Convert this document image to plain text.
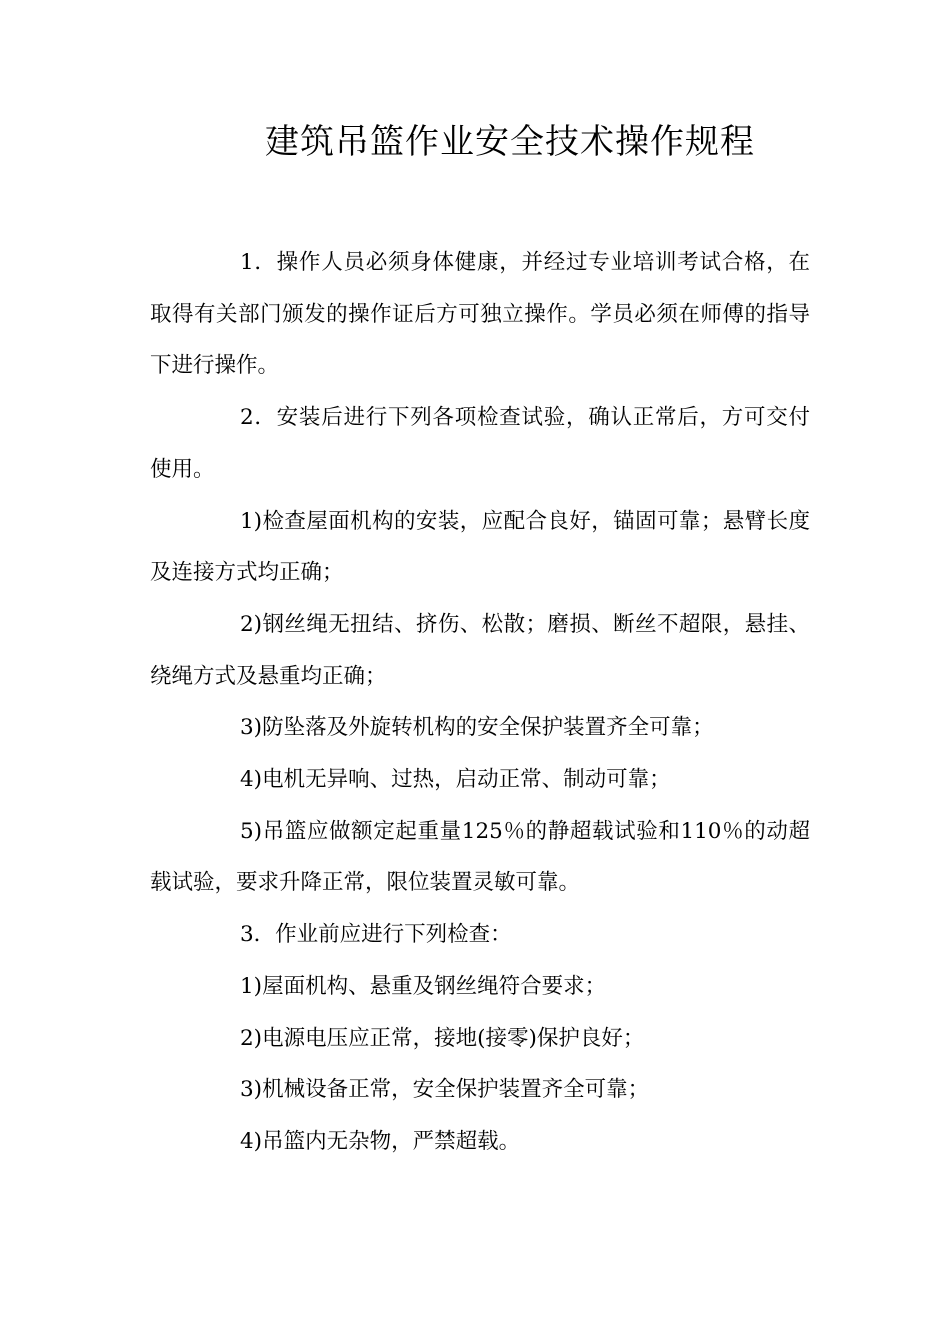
建筑吊篮作业安全技术操作规程

1．操作人员必须身体健康，并经过专业培训考试合格，在取得有关部门颁发的操作证后方可独立操作。学员必须在师傅的指导下进行操作。

2．安装后进行下列各项检查试验，确认正常后，方可交付使用。

1)检查屋面机构的安装，应配合良好，锚固可靠；悬臂长度及连接方式均正确；

2)钢丝绳无扭结、挤伤、松散；磨损、断丝不超限，悬挂、绕绳方式及悬重均正确；

3)防坠落及外旋转机构的安全保护装置齐全可靠；

4)电机无异响、过热，启动正常、制动可靠；

5)吊篮应做额定起重量125％的静超载试验和110％的动超载试验，要求升降正常，限位装置灵敏可靠。

3．作业前应进行下列检查：

1)屋面机构、悬重及钢丝绳符合要求；

2)电源电压应正常，接地(接零)保护良好；

3)机械设备正常，安全保护装置齐全可靠；

4)吊篮内无杂物，严禁超载。
